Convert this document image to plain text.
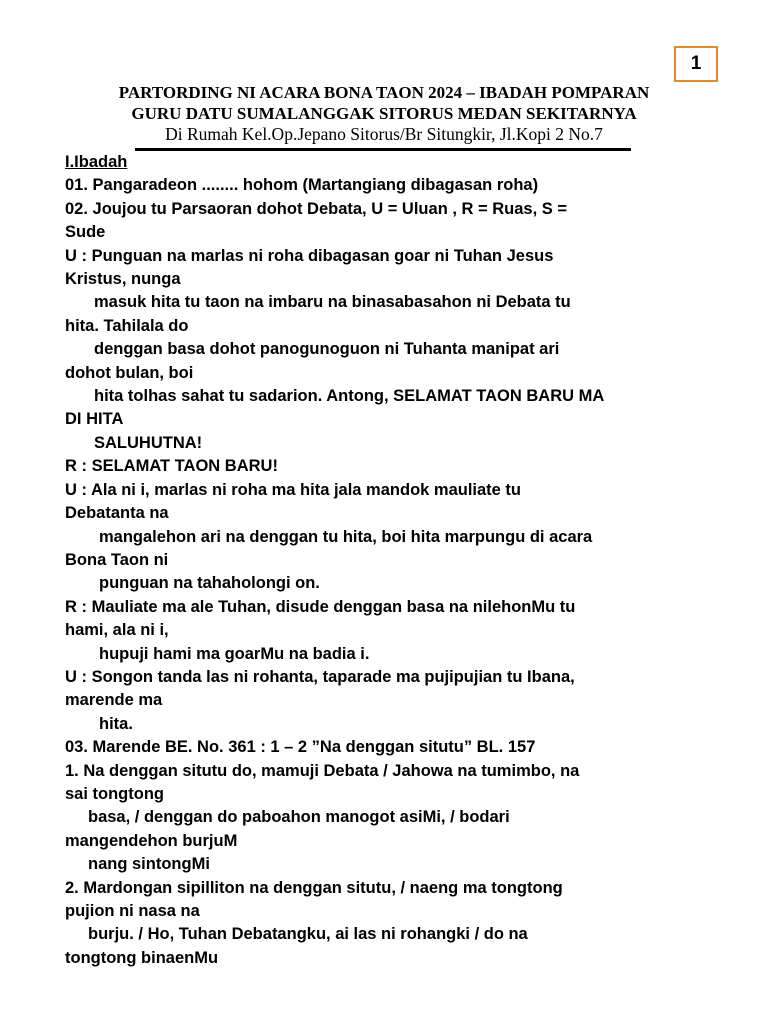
1
PARTORDING NI ACARA BONA TAON 2024 – IBADAH POMPARAN
GURU DATU SUMALANGGAK SITORUS MEDAN SEKITARNYA
Di Rumah Kel.Op.Jepano Sitorus/Br Situngkir, Jl.Kopi 2 No.7

I.Ibadah

01. Pangaradeon ........ hohom (Martangiang dibagasan roha)

02. Joujou tu Parsaoran dohot Debata, U = Uluan , R = Ruas, S =

Sude

U : Punguan na marlas ni roha dibagasan goar ni Tuhan Jesus

Kristus, nunga

masuk hita tu taon na imbaru na binasabasahon ni Debata tu

hita. Tahilala do

denggan basa dohot panogunoguon ni Tuhanta manipat ari

dohot bulan, boi

hita tolhas sahat tu sadarion. Antong, SELAMAT TAON BARU MA

DI HITA

SALUHUTNA!

R : SELAMAT TAON BARU!

U : Ala ni i, marlas ni roha ma hita jala mandok mauliate tu

Debatanta na

mangalehon ari na denggan tu hita, boi hita marpungu di acara

Bona Taon ni

punguan na tahaholongi on.

R : Mauliate ma ale Tuhan, disude denggan basa na nilehonMu tu

hami, ala ni i,

hupuji hami ma goarMu na badia i.

U : Songon tanda las ni rohanta, taparade ma pujipujian tu Ibana,

marende ma

hita.

03. Marende BE. No. 361 : 1 – 2 ”Na denggan situtu” BL. 157

1. Na denggan situtu do, mamuji Debata / Jahowa na tumimbo, na

sai tongtong

basa, / denggan do paboahon manogot asiMi, / bodari

mangendehon burjuM

nang sintongMi

2. Mardongan sipilliton na denggan situtu, / naeng ma tongtong

pujion ni nasa na

burju. / Ho, Tuhan Debatangku, ai las ni rohangki / do na

tongtong binaenMu
